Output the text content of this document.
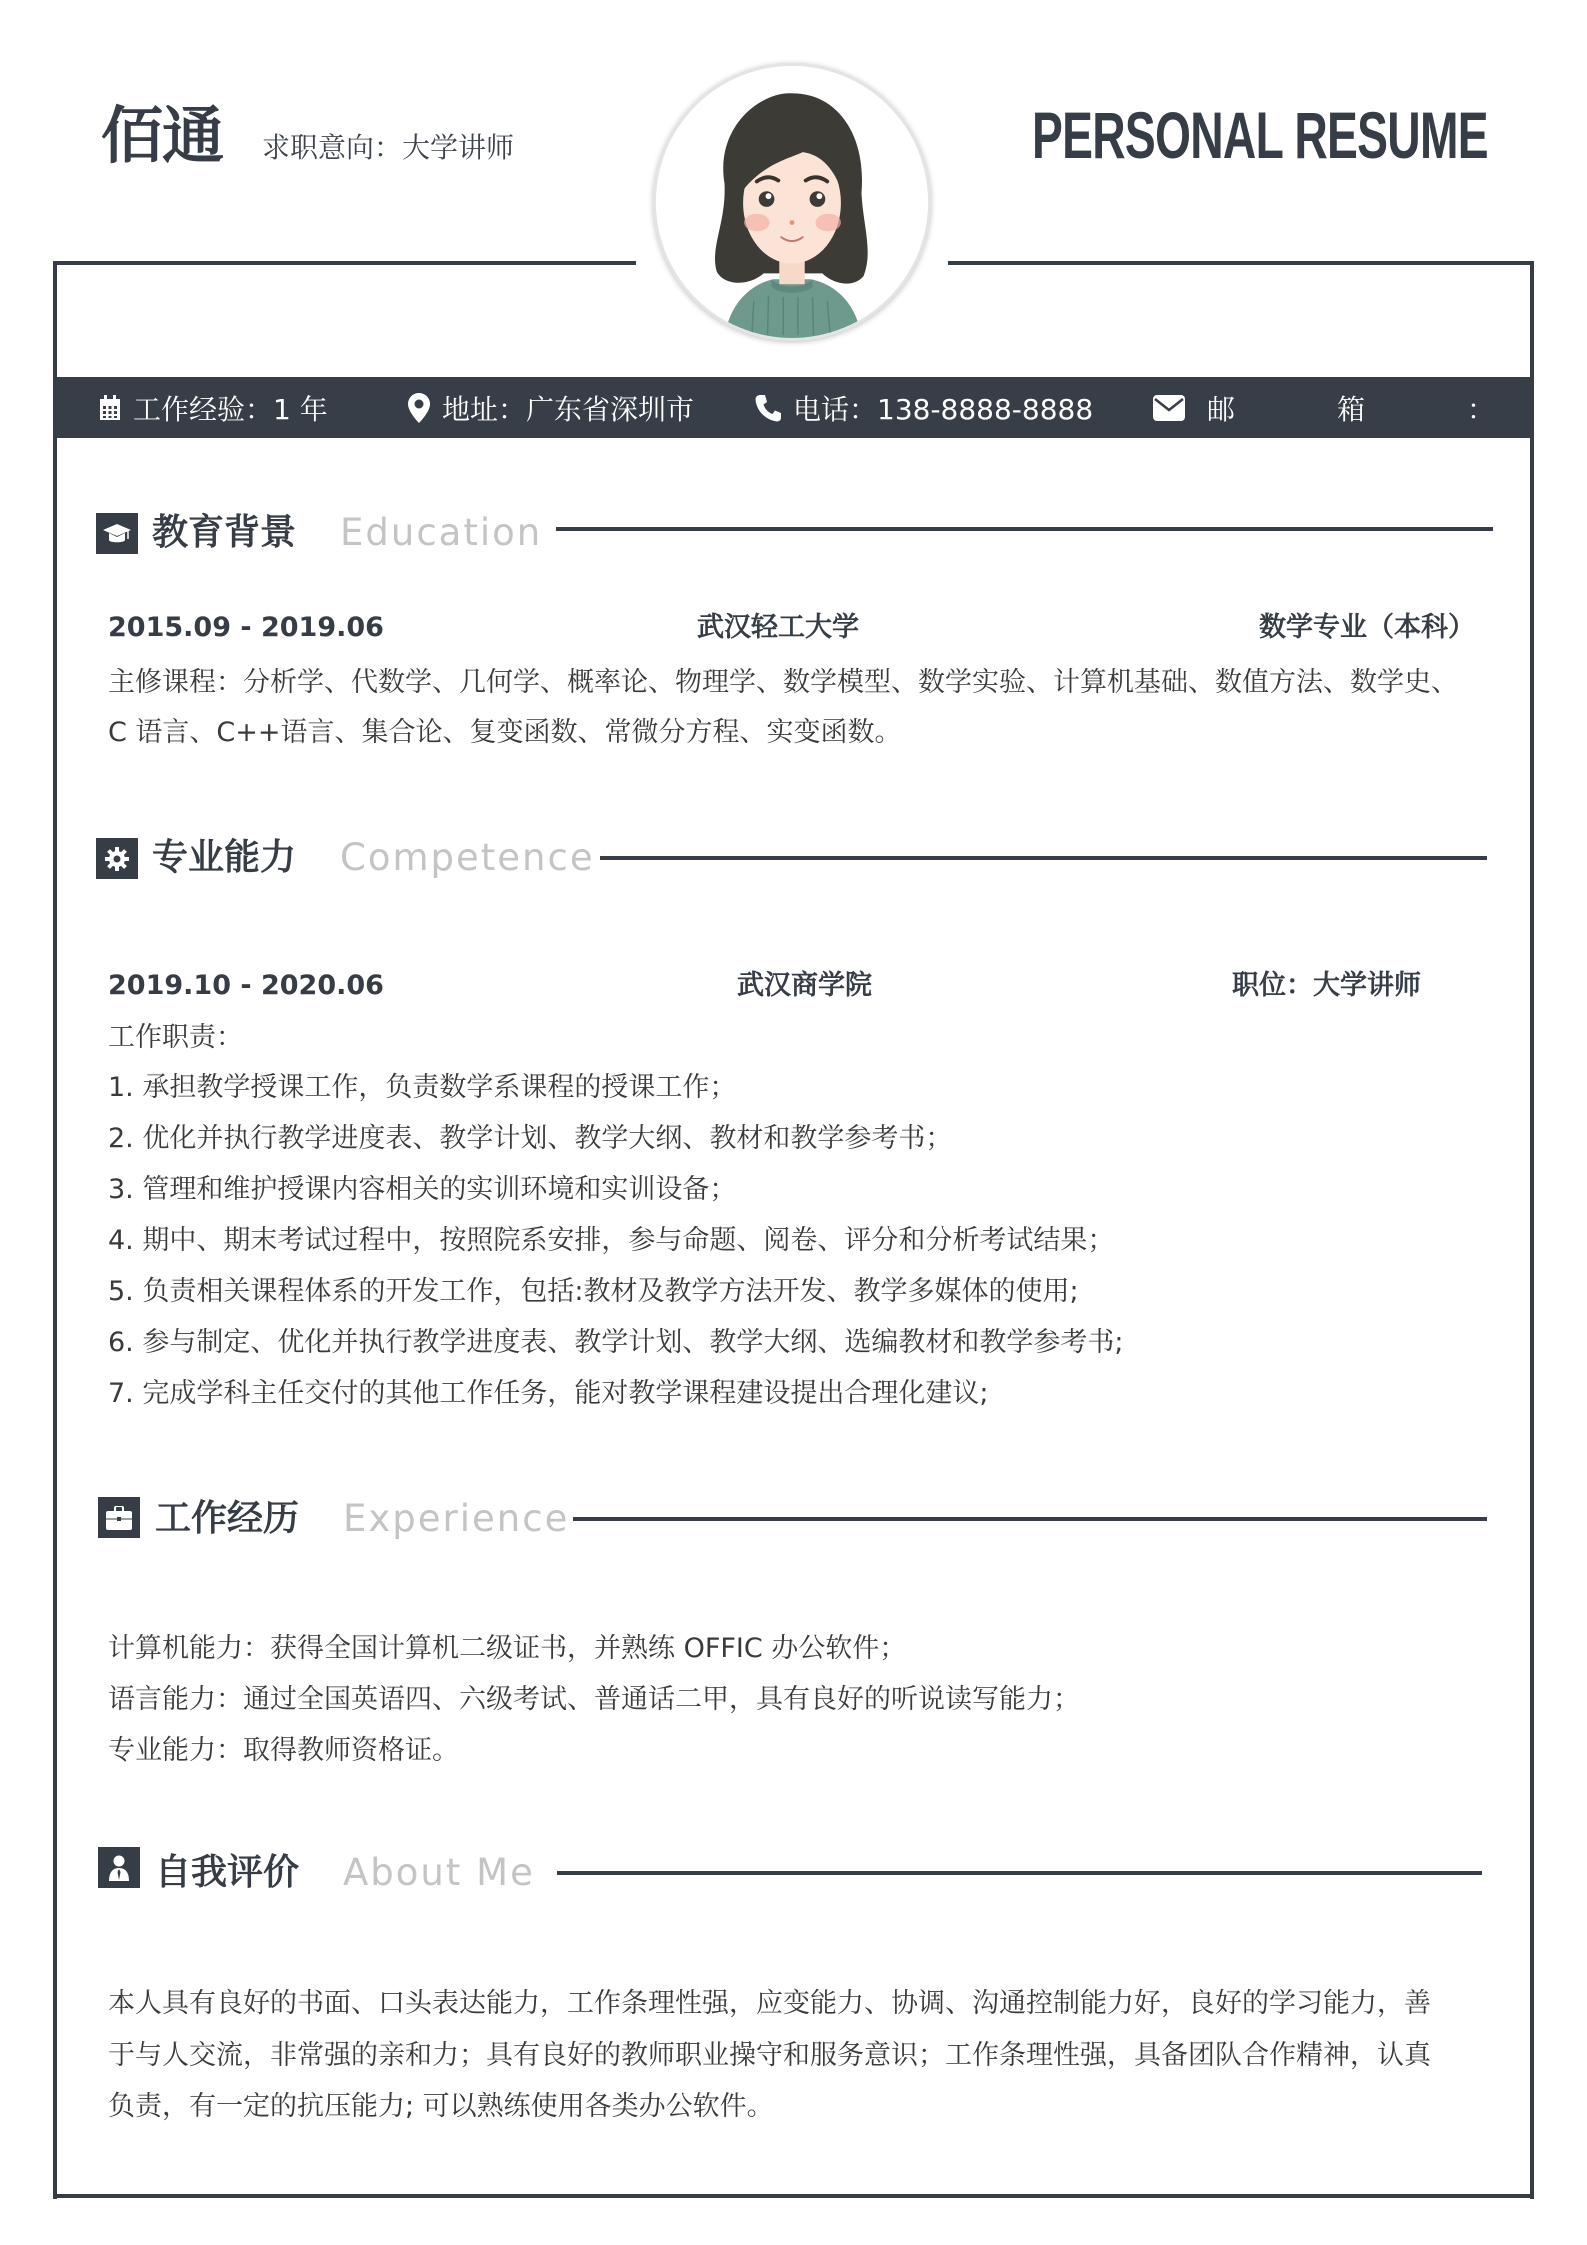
佰通 求职意向：大学讲师	PERSONAL RESUME
工作经验：1 年	地址：广东省深圳市	电话：138-8888-8888	邮	箱	：
教育背景 Education
2015.09 - 2019.06	武汉轻工大学	数学专业（本科）
主修课程：分析学、代数学、几何学、概率论、物理学、数学模型、数学实验、计算机基础、数值方法、数学史、
C 语言、C++语言、集合论、复变函数、常微分方程、实变函数。
专业能力 Competence
2019.10 - 2020.06	武汉商学院	职位：大学讲师
工作职责：
1. 承担教学授课工作，负责数学系课程的授课工作；
2. 优化并执行教学进度表、教学计划、教学大纲、教材和教学参考书；
3. 管理和维护授课内容相关的实训环境和实训设备；
4. 期中、期末考试过程中，按照院系安排，参与命题、阅卷、评分和分析考试结果；
5. 负责相关课程体系的开发工作，包括:教材及教学方法开发、教学多媒体的使用;
6. 参与制定、优化并执行教学进度表、教学计划、教学大纲、选编教材和教学参考书;
7. 完成学科主任交付的其他工作任务，能对教学课程建设提出合理化建议;
工作经历 Experience
计算机能力：获得全国计算机二级证书，并熟练 OFFIC 办公软件；
语言能力：通过全国英语四、六级考试、普通话二甲，具有良好的听说读写能力；
专业能力：取得教师资格证。
自我评价 About Me
本人具有良好的书面、口头表达能力，工作条理性强，应变能力、协调、沟通控制能力好，良好的学习能力，善
于与人交流，非常强的亲和力；具有良好的教师职业操守和服务意识；工作条理性强，具备团队合作精神，认真
负责，有一定的抗压能力; 可以熟练使用各类办公软件。
